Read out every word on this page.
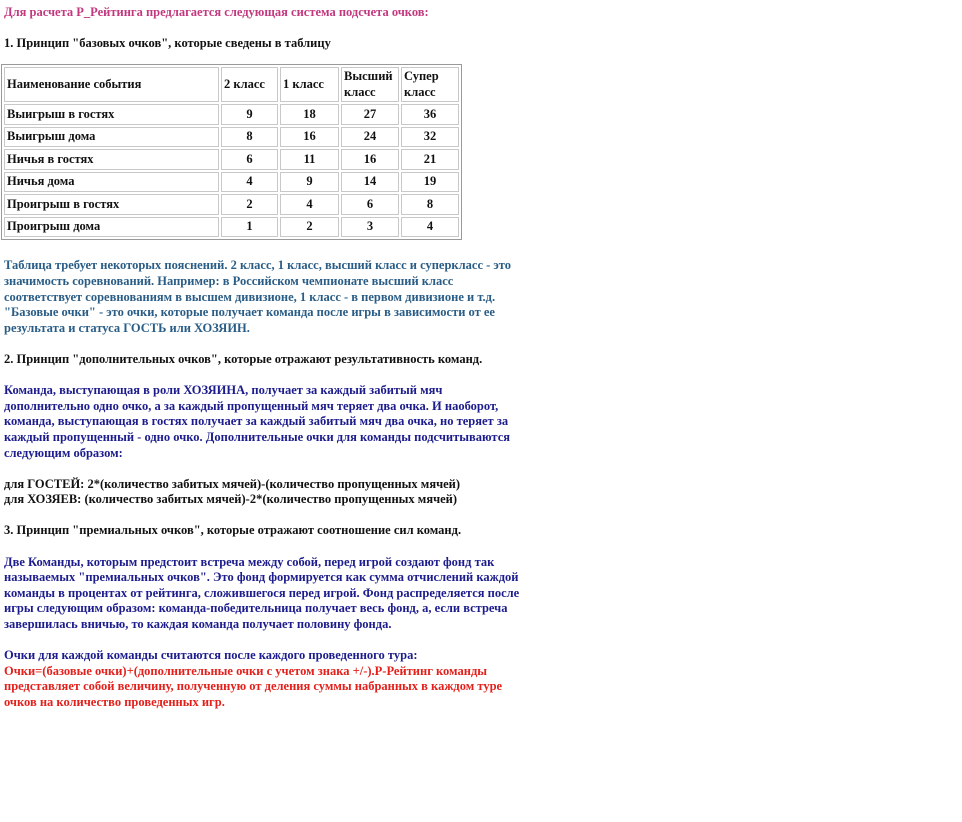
Для расчета Р_Рейтинга предлагается следующая система подсчета очков:

1. Принцип "базовых очков", которые сведены в таблицу

Наименование события	2 класс	1 класс	Высший класс	Супер класс
Выигрыш в гостях	9	18	27	36
Выигрыш дома	8	16	24	32
Ничья в гостях	6	11	16	21
Ничья дома	4	9	14	19
Проигрыш в гостях	2	4	6	8
Проигрыш дома	1	2	3	4

Таблица требует некоторых пояснений. 2 класс, 1 класс, высший класс и суперкласс - это значимость соревнований. Например: в Российском чемпионате высший класс соответствует соревнованиям в высшем дивизионе, 1 класс - в первом дивизионе и т.д.

"Базовые очки" - это очки, которые получает команда после игры в зависимости от ее результата и статуса ГОСТЬ или ХОЗЯИН.

2. Принцип "дополнительных очков", которые отражают результативность команд.

Команда, выступающая в роли ХОЗЯИНА, получает за каждый забитый мяч дополнительно одно очко, а за каждый пропущенный мяч теряет два очка. И наоборот, команда, выступающая в гостях получает за каждый забитый мяч два очка, но теряет за каждый пропущенный - одно очко. Дополнительные очки для команды подсчитываются следующим образом:

для ГОСТЕЙ: 2*(количество забитых мячей)-(количество пропущенных мячей)

для ХОЗЯЕВ: (количество забитых мячей)-2*(количество пропущенных мячей)

3. Принцип "премиальных очков", которые отражают соотношение сил команд.

Две Команды, которым предстоит встреча между собой, перед игрой создают фонд так называемых "премиальных очков". Это фонд формируется как сумма отчислений каждой команды в процентах от рейтинга, сложившегося перед игрой. Фонд распределяется после игры следующим образом: команда-победительница получает весь фонд, а, если встреча завершилась вничью, то каждая команда получает половину фонда.

Очки для каждой команды считаются после каждого проведенного тура:

Очки=(базовые очки)+(дополнительные очки с учетом знака +/-).Р-Рейтинг команды представляет собой величину, полученную от деления суммы набранных в каждом туре очков на количество проведенных игр.
